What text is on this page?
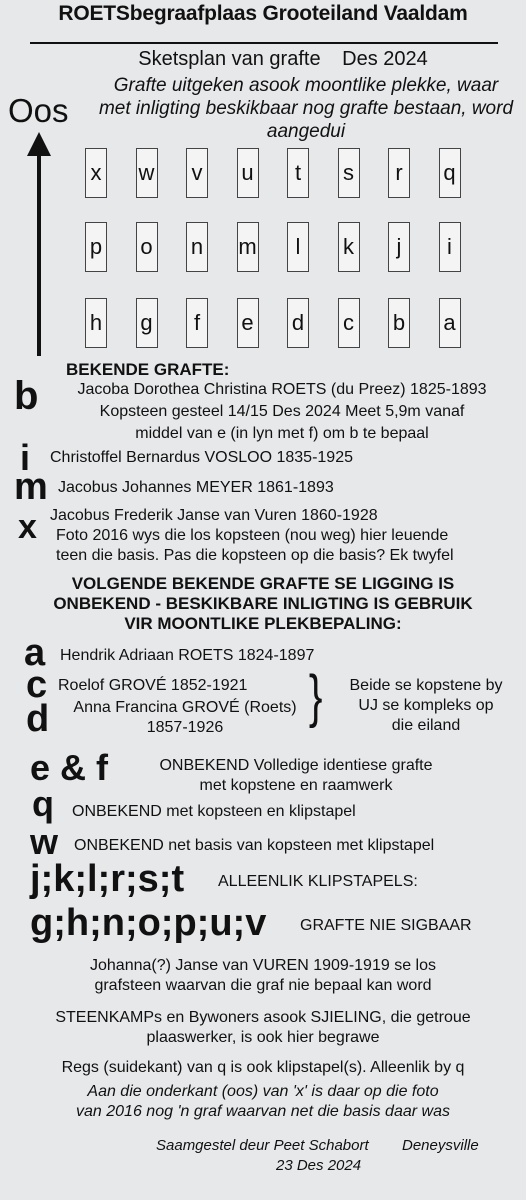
ROETSbegraafplaas Grooteiland Vaaldam
Sketsplan van grafte Des 2024
Grafte uitgeken asook moontlike plekke, waar met inligting beskikbaar nog grafte bestaan, word aangedui
Oos
x w v u	t	s	r	q
p o n m	l	k	j	i
h g	f	e d c b a
BEKENDE GRAFTE:
b	Jacoba Dorothea Christina ROETS (du Preez) 1825-1893
Kopsteen gesteel 14/15 Des 2024 Meet 5,9m vanaf
middel van e (in lyn met f) om b te bepaal
i Christoffel Bernardus VOSLOO 1835-1925
m Jacobus Johannes MEYER 1861-1893
Jacobus Frederik Janse van Vuren 1860-1928
x Foto 2016 wys die los kopsteen (nou weg) hier leuende
teen die basis. Pas die kopsteen op die basis? Ek twyfel
VOLGENDE BEKENDE GRAFTE SE LIGGING IS
ONBEKEND - BESKIKBARE INLIGTING IS GEBRUIK
VIR MOONTLIKE PLEKBEPALING:
a Hendrik Adriaan ROETS 1824-1897
c Roelof GROVÉ 1852-1921
d	Anna Francina GROVÉ (Roets)
1857-1926	}	Beide se kopstene by
UJ se kompleks op
die eiland
e & f	ONBEKEND Volledige identiese grafte
met kopstene en raamwerk
q ONBEKEND met kopsteen en klipstapel
w ONBEKEND net basis van kopsteen met klipstapel
j;k;l;r;s;t ALLEENLIK KLIPSTAPELS:
g;h;n;o;p;u;v GRAFTE NIE SIGBAAR
Johanna(?) Janse van VUREN 1909-1919 se los
grafsteen waarvan die graf nie bepaal kan word
STEENKAMPs en Bywoners asook SJIELING, die getroue
plaaswerker, is ook hier begrawe
Regs (suidekant) van q is ook klipstapel(s). Alleenlik by q
Aan die onderkant (oos) van 'x' is daar op die foto
van 2016 nog 'n graf waarvan net die basis daar was
Saamgestel deur Peet Schabort Deneysville
23 Des 2024
